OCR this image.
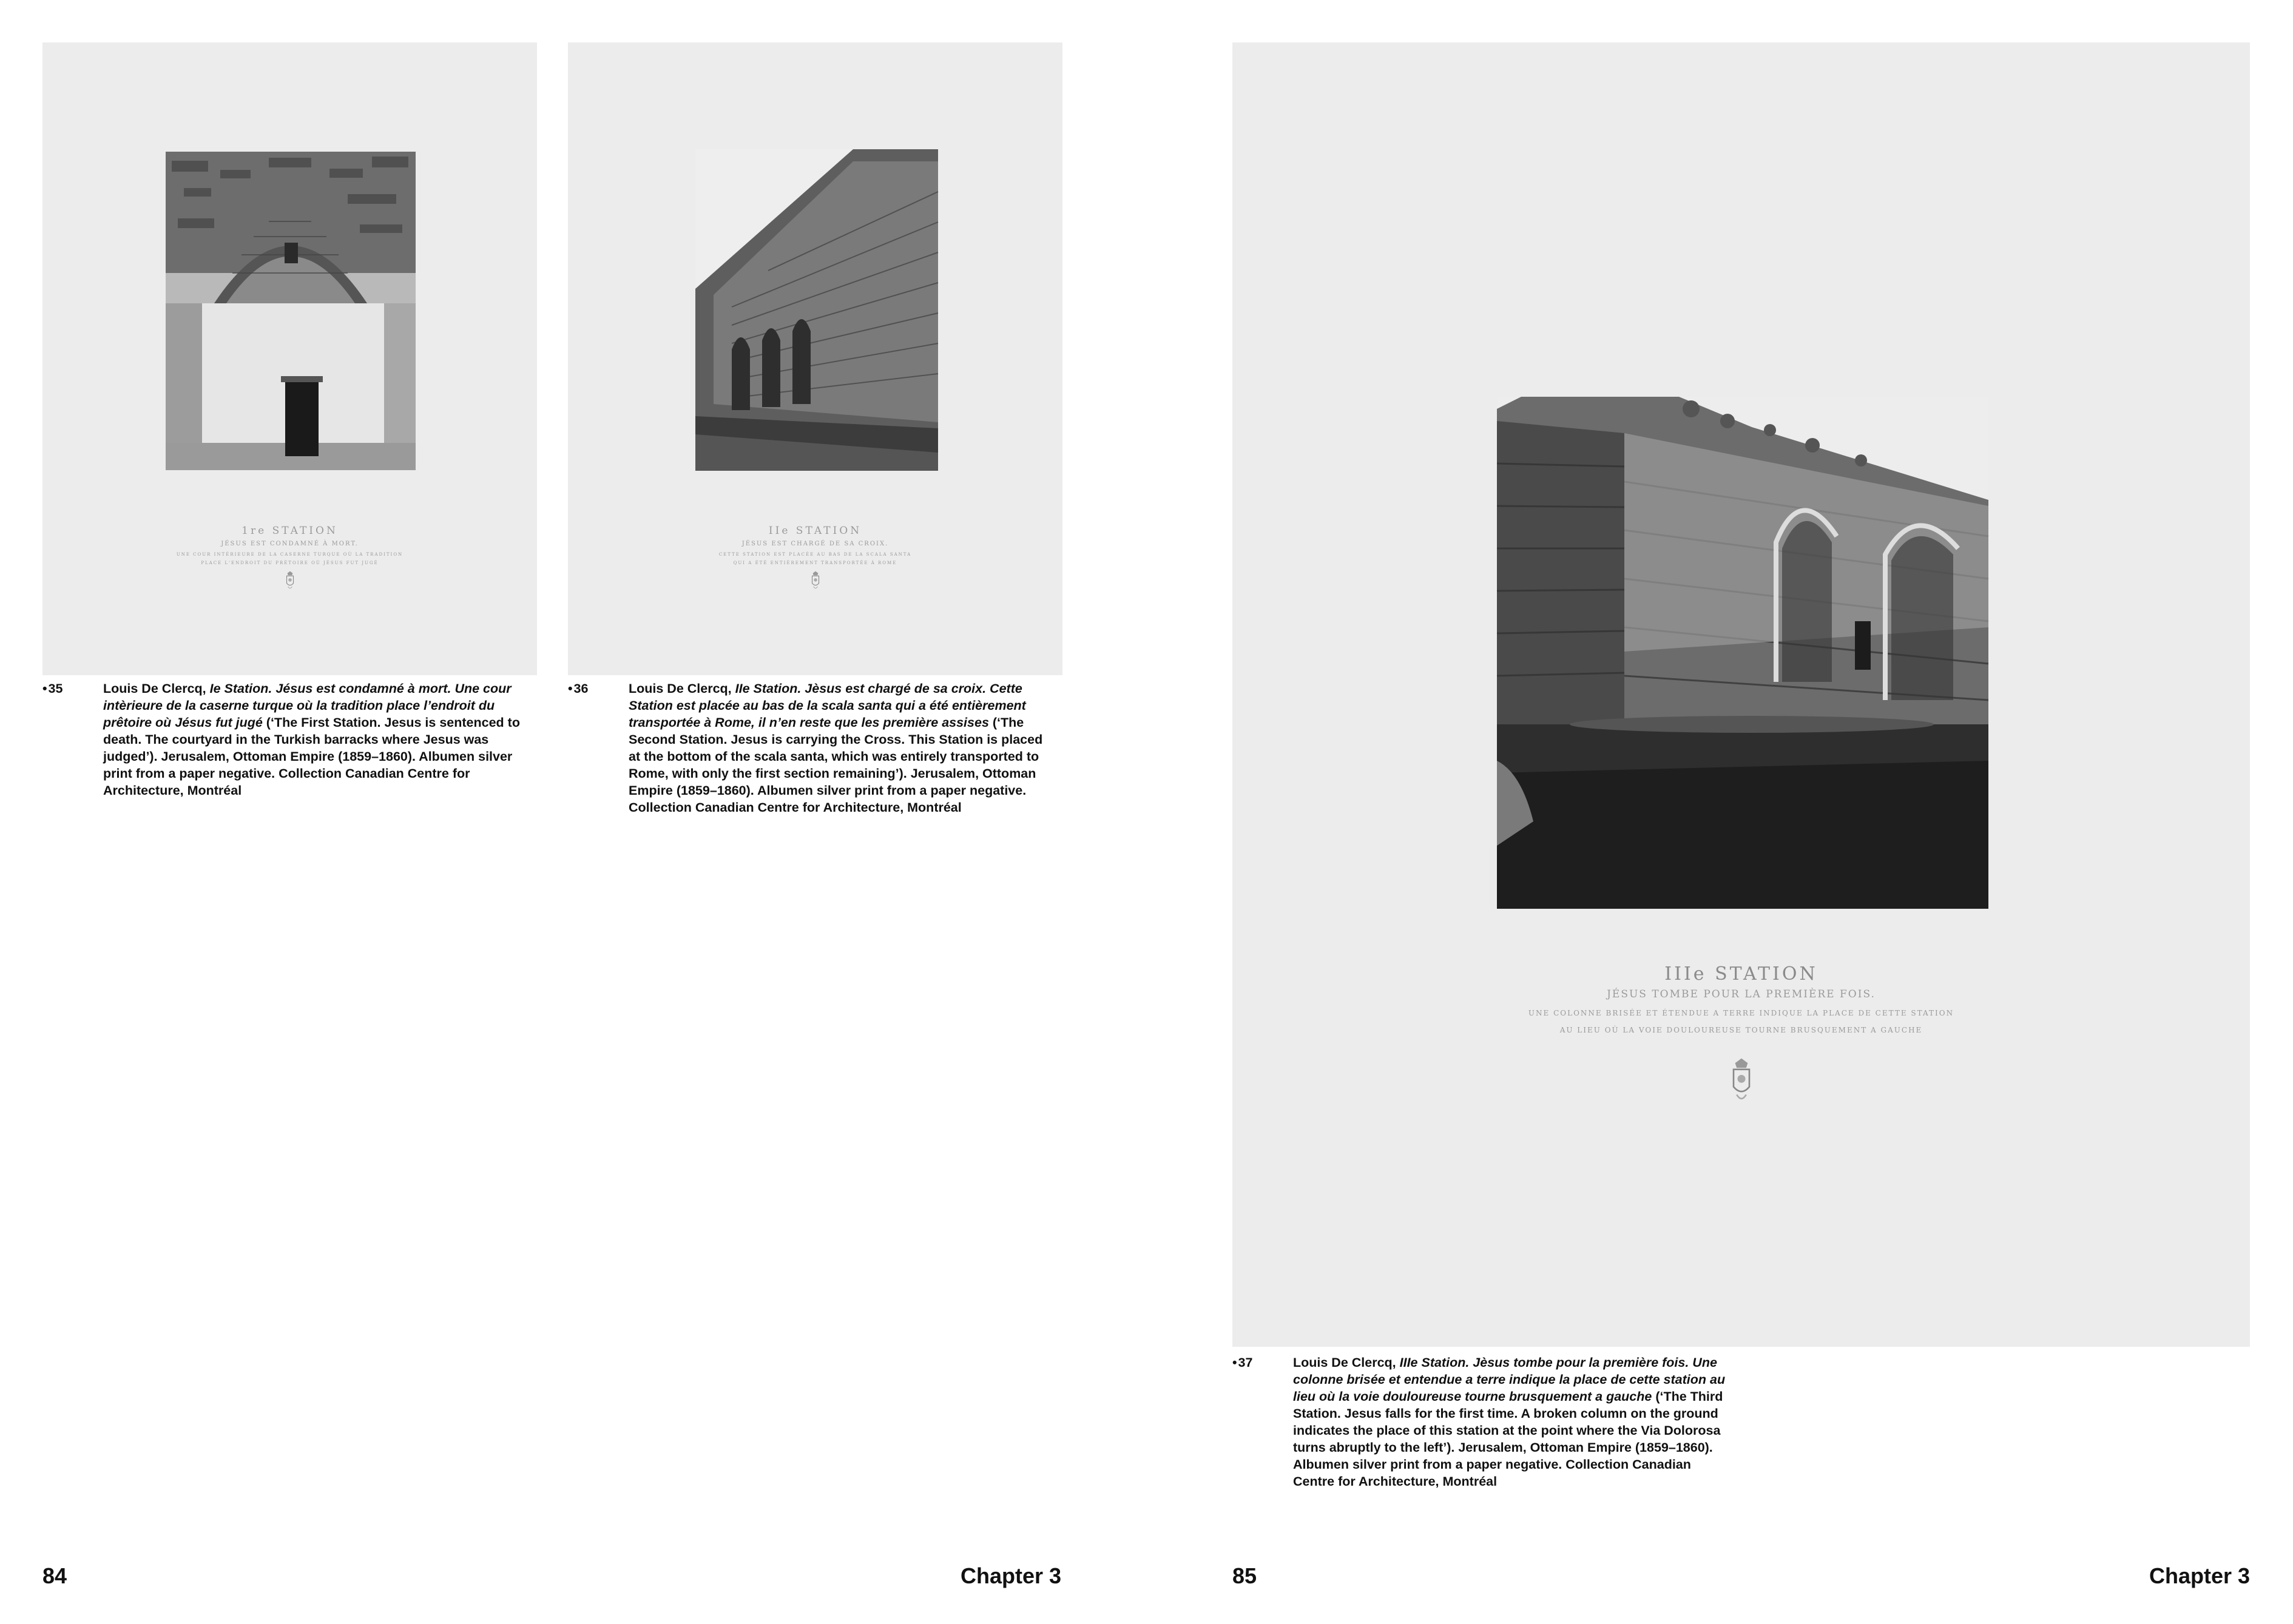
1re STATION
JÉSUS EST CONDAMNÉ À MORT.
UNE COUR INTÉRIEURE DE LA CASERNE TURQUE OÙ LA TRADITION
PLACE L'ENDROIT DU PRÉTOIRE OÙ JÉSUS FUT JUGÉ
• 35	Louis De Clercq, Ie Station. Jésus est condamné à mort. Une cour intèrieure de la caserne turque où la tradition place l’endroit du prêtoire où Jésus fut jugé (‘The First Station. Jesus is sentenced to death. The courtyard in the Turkish barracks where Jesus was judged’). Jerusalem, Ottoman Empire (1859–1860). Albumen silver print from a paper negative. Collection Canadian Centre for Architecture, Montréal
IIe STATION
JÉSUS EST CHARGÉ DE SA CROIX.
CETTE STATION EST PLACÉE AU BAS DE LA SCALA SANTA
QUI A ÉTÉ ENTIÈREMENT TRANSPORTÉE À ROME
• 36	Louis De Clercq, IIe Station. Jèsus est chargé de sa croix. Cette Station est placée au bas de la scala santa qui a été entièrement transportée à Rome, il n’en reste que les première assises (‘The Second Station. Jesus is carrying the Cross. This Station is placed at the bottom of the scala santa, which was entirely transported to Rome, with only the first section remaining’). Jerusalem, Ottoman Empire (1859–1860). Albumen silver print from a paper negative. Collection Canadian Centre for Architecture, Montréal
84	Chapter 3
IIIe STATION
JÉSUS TOMBE POUR LA PREMIÈRE FOIS.
UNE COLONNE BRISÉE ET ÉTENDUE A TERRE INDIQUE LA PLACE DE CETTE STATION
AU LIEU OÙ LA VOIE DOULOUREUSE TOURNE BRUSQUEMENT A GAUCHE
• 37	Louis De Clercq, IIIe Station. Jèsus tombe pour la première fois. Une colonne brisée et entendue a terre indique la place de cette station au lieu où la voie douloureuse tourne brusquement a gauche (‘The Third Station. Jesus falls for the first time. A broken column on the ground indicates the place of this station at the point where the Via Dolorosa turns abruptly to the left’). Jerusalem, Ottoman Empire (1859–1860). Albumen silver print from a paper negative. Collection Canadian Centre for Architecture, Montréal
85	Chapter 3
